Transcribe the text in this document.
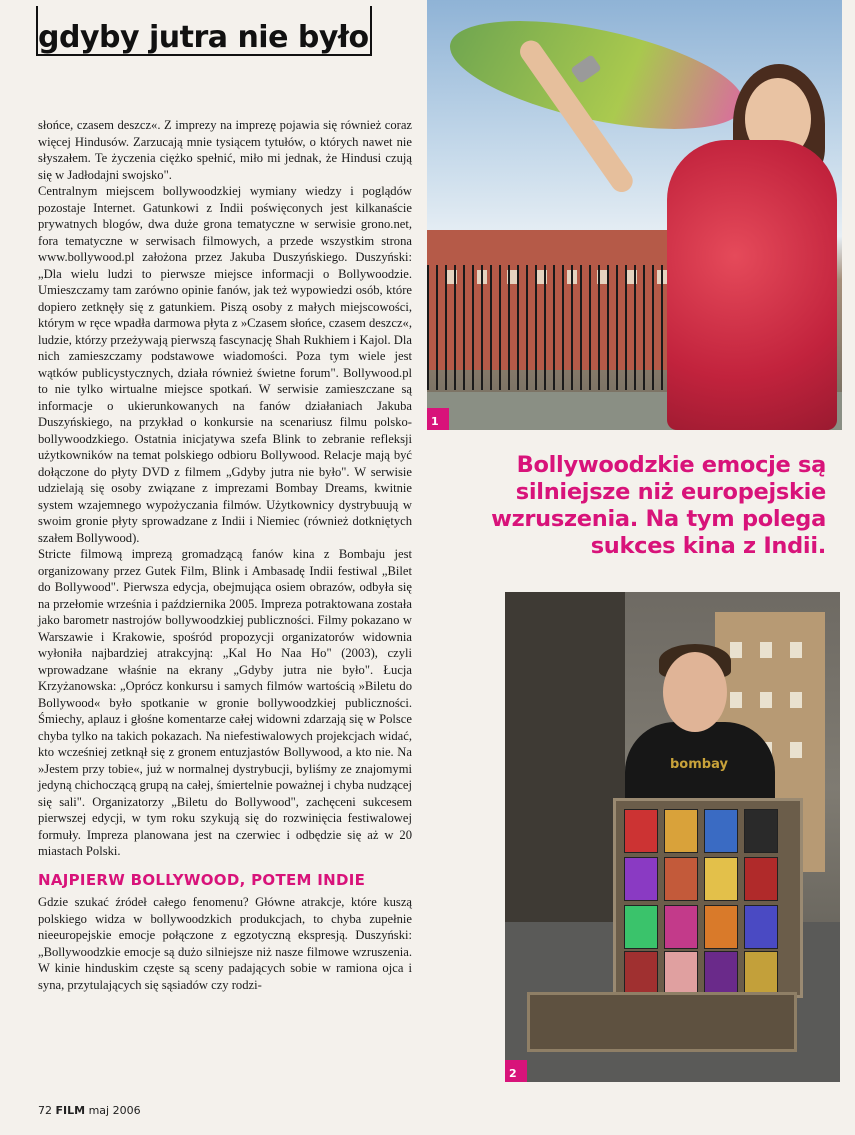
gdyby jutra nie było

słońce, czasem deszcz«. Z imprezy na imprezę pojawia się również coraz więcej Hindusów. Zarzucają mnie tysiącem tytułów, o których nawet nie słyszałem. Te życzenia ciężko spełnić, miło mi jednak, że Hindusi czują się w Jadłodajni swojsko".

Centralnym miejscem bollywoodzkiej wymiany wiedzy i poglądów pozostaje Internet. Gatunkowi z Indii poświęconych jest kilkanaście prywatnych blogów, dwa duże grona tematyczne w serwisie grono.net, fora tematyczne w serwisach filmowych, a przede wszystkim strona www.bollywood.pl założona przez Jakuba Duszyńskiego. Duszyński: „Dla wielu ludzi to pierwsze miejsce informacji o Bollywoodzie. Umieszczamy tam zarówno opinie fanów, jak też wypowiedzi osób, które dopiero zetknęły się z gatunkiem. Piszą osoby z małych miejscowości, którym w ręce wpadła darmowa płyta z »Czasem słońce, czasem deszcz«, ludzie, którzy przeżywają pierwszą fascynację Shah Rukhiem i Kajol. Dla nich zamieszczamy podstawowe wiadomości. Poza tym wiele jest wątków publicystycznych, działa również świetne forum". Bollywood.pl to nie tylko wirtualne miejsce spotkań. W serwisie zamieszczane są informacje o ukierunkowanych na fanów działaniach Jakuba Duszyńskiego, na przykład o konkursie na scenariusz filmu polsko-bollywoodzkiego. Ostatnia inicjatywa szefa Blink to zebranie refleksji użytkowników na temat polskiego odbioru Bollywood. Relacje mają być dołączone do płyty DVD z filmem „Gdyby jutra nie było". W serwisie udzielają się osoby związane z imprezami Bombay Dreams, kwitnie system wzajemnego wypożyczania filmów. Użytkownicy dystrybuują w swoim gronie płyty sprowadzane z Indii i Niemiec (również dotkniętych szałem Bollywood).

Stricte filmową imprezą gromadzącą fanów kina z Bombaju jest organizowany przez Gutek Film, Blink i Ambasadę Indii festiwal „Bilet do Bollywood". Pierwsza edycja, obejmująca osiem obrazów, odbyła się na przełomie września i października 2005. Impreza potraktowana została jako barometr nastrojów bollywoodzkiej publiczności. Filmy pokazano w Warszawie i Krakowie, spośród propozycji organizatorów widownia wyłoniła najbardziej atrakcyjną: „Kal Ho Naa Ho" (2003), czyli wprowadzane właśnie na ekrany „Gdyby jutra nie było". Łucja Krzyżanowska: „Oprócz konkursu i samych filmów wartością »Biletu do Bollywood« było spotkanie w gronie bollywoodzkiej publiczności. Śmiechy, aplauz i głośne komentarze całej widowni zdarzają się w Polsce chyba tylko na takich pokazach. Na niefestiwalowych projekcjach widać, kto wcześniej zetknął się z gronem entuzjastów Bollywood, a kto nie. Na »Jestem przy tobie«, już w normalnej dystrybucji, byliśmy ze znajomymi jedyną chichoczącą grupą na całej, śmiertelnie poważnej i chyba nudzącej się sali". Organizatorzy „Biletu do Bollywood", zachęceni sukcesem pierwszej edycji, w tym roku szykują się do rozwinięcia festiwalowej formuły. Impreza planowana jest na czerwiec i odbędzie się aż w 20 miastach Polski.

NAJPIERW BOLLYWOOD, POTEM INDIE

Gdzie szukać źródeł całego fenomenu? Główne atrakcje, które kuszą polskiego widza w bollywoodzkich produkcjach, to chyba zupełnie nieeuropejskie emocje połączone z egzotyczną ekspresją. Duszyński: „Bollywoodzkie emocje są dużo silniejsze niż nasze filmowe wzruszenia. W kinie hinduskim częste są sceny padających sobie w ramiona ojca i syna, przytulających się sąsiadów czy rodzi-

1
Bollywoodzkie emocje są
silniejsze niż europejskie
wzruszenia. Na tym polega
sukces kina z Indii.
bombay
2
72 FILM maj 2006
